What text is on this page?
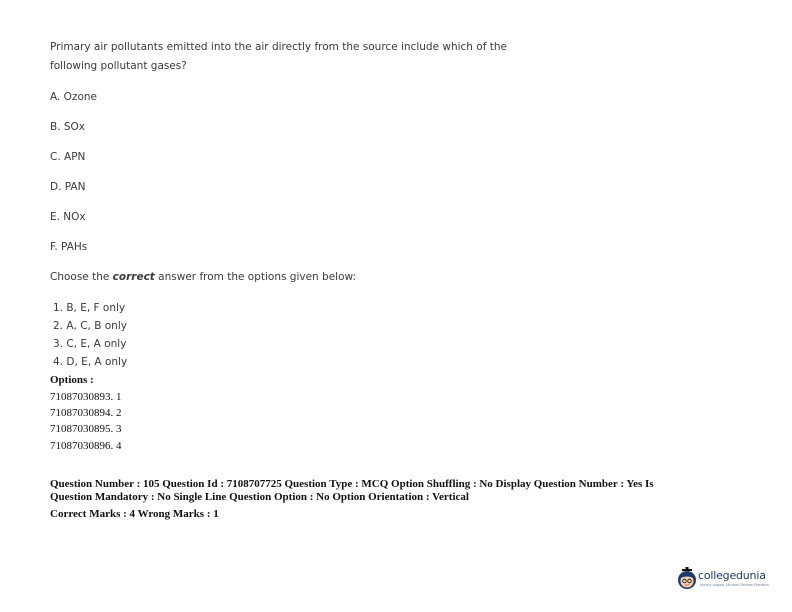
Primary air pollutants emitted into the air directly from the source include which of the
following pollutant gases?
A. Ozone
B. SOx
C. APN
D. PAN
E. NOx
F. PAHs
Choose the correct answer from the options given below:
1. B, E, F only
2. A, C, B only
3. C, E, A only
4. D, E, A only
Options :
71087030893. 1
71087030894. 2
71087030895. 3
71087030896. 4
Question Number : 105 Question Id : 7108707725 Question Type : MCQ Option Shuffling : No Display Question Number : Yes Is
Question Mandatory : No Single Line Question Option : No Option Orientation : Vertical
Correct Marks : 4 Wrong Marks : 1
collegedunia
India's largest Student Review Platform
